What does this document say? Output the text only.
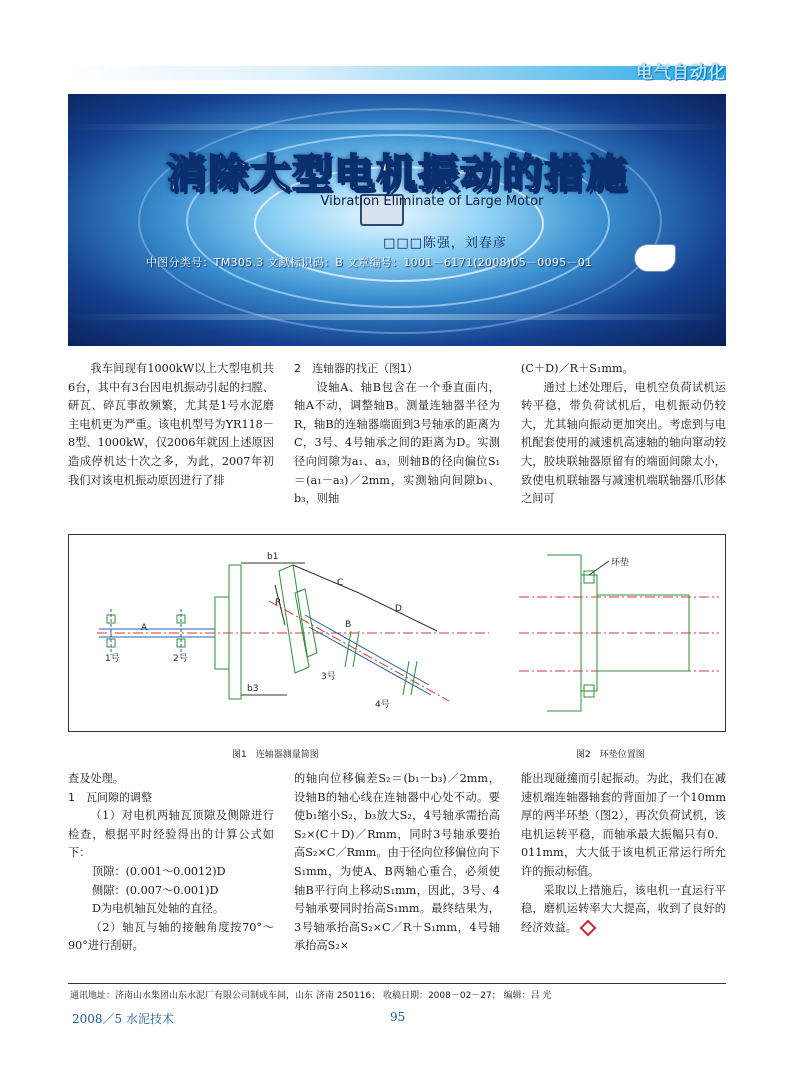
电气自动化
消除大型电机振动的措施
Vibration Eliminate of Large Motor
□□□陈强，刘春彦
中图分类号：TM305.3 文献标识码：B 文章编号：1001－6171(2008)05－0095－01

我车间现有1000kW以上大型电机共6台，其中有3台因电机振动引起的扫膛、研瓦、碎瓦事故频繁，尤其是1号水泥磨主电机更为严重。该电机型号为YR118－8型、1000kW，仅2006年就因上述原因造成停机达十次之多，为此，2007年初我们对该电机振动原因进行了排

2　连轴器的找正（图1）

设轴A、轴B包含在一个垂直面内，轴A不动，调整轴B。测量连轴器半径为R，轴B的连轴器端面到3号轴承的距离为C，3号、4号轴承之间的距离为D。实测径向间隙为a₁、a₃，则轴B的径向偏位S₁＝(a₁－a₃)／2mm，实测轴向间隙b₁、b₃，则轴

(C＋D)／R＋S₁mm。

通过上述处理后，电机空负荷试机运转平稳，带负荷试机后，电机振动仍较大，尤其轴向振动更加突出。考虑到与电机配套使用的减速机高速轴的轴向窜动较大，胶块联轴器原留有的端面间隙太小，致使电机联轴器与减速机端联轴器爪形体之间可

b1
b3
A	B
C
D
R
1号	2号
3号
4号
环垫
图1　连轴器测量简图	图2　环垫位置图

查及处理。

1　瓦间隙的调整

（1）对电机两轴瓦顶隙及侧隙进行检查，根据平时经验得出的计算公式如下：

顶隙：(0.001～0.0012)D

侧隙：(0.007～0.001)D

D为电机轴瓦处轴的直径。

（2）轴瓦与轴的接触角度按70°～90°进行刮研。

的轴向位移偏差S₂＝(b₁－b₃)／2mm，设轴B的轴心线在连轴器中心处不动。要使b₁缩小S₂，b₃放大S₂，4号轴承需抬高S₂×(C＋D)／Rmm，同时3号轴承要抬高S₂×C／Rmm。由于径向位移偏位向下S₁mm，为使A、B两轴心重合，必须使轴B平行向上移动S₁mm，因此，3号、4号轴承要同时抬高S₁mm。最终结果为，3号轴承抬高S₂×C／R＋S₁mm，4号轴承抬高S₂×

能出现碰撞而引起振动。为此，我们在减速机端连轴器轴套的背面加了一个10mm厚的两半环垫（图2），再次负荷试机，该电机运转平稳，而轴承最大振幅只有0．011mm，大大低于该电机正常运行所允许的振动标值。

采取以上措施后，该电机一直运行平稳，磨机运转率大大提高，收到了良好的经济效益。

通讯地址：济南山水集团山东水泥厂有限公司制成车间，山东 济南 250116； 收稿日期：2008－02－27； 编辑：吕 光
2008／5 水泥技术	95
